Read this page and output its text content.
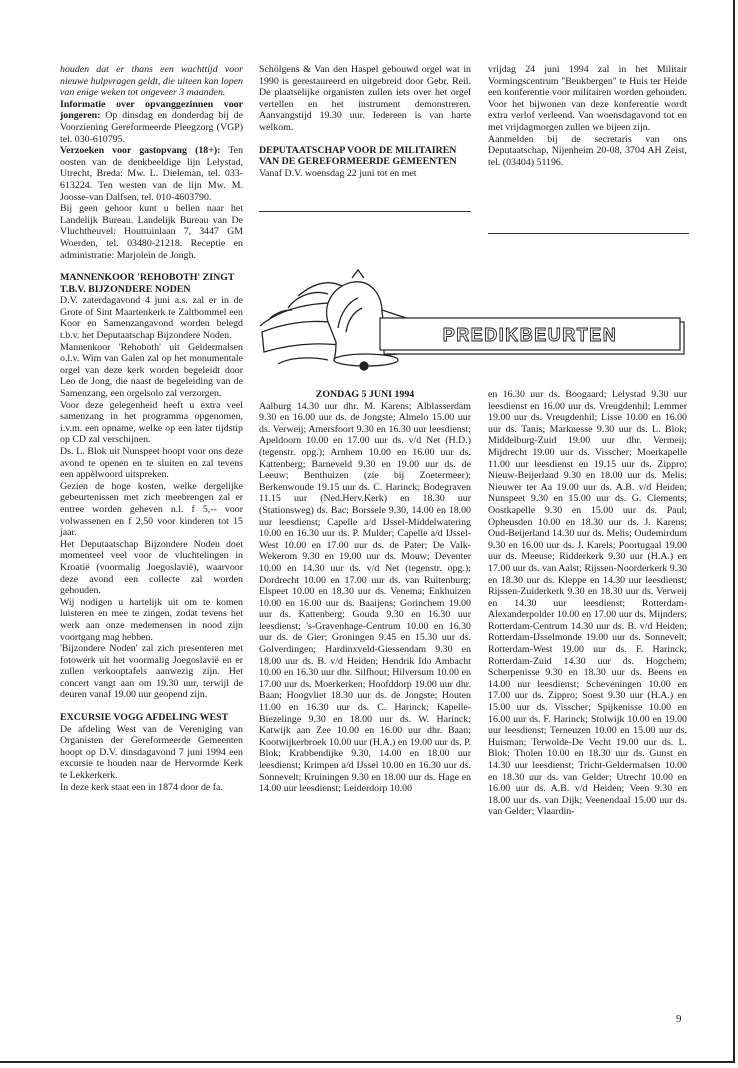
houden dat er thans een wachttijd voor nieuwe hulpvragen geldt, die uiteen kan lopen van enige weken tot ongeveer 3 maanden.

Informatie over opvanggezinnen voor jongeren: Op dinsdag en donderdag bij de Voorziening Gereformeerde Pleegzorg (VGP) tel. 030-610795.

Verzoeken voor gastopvang (18+): Ten oosten van de denkbeeldige lijn Lelystad, Utrecht, Breda: Mw. L. Dieleman, tel. 033-613224. Ten westen van de lijn Mw. M. Joosse-van Dalfsen, tel. 010-4603790.

Bij geen gehoor kunt u bellen naar het Landelijk Bureau. Landelijk Bureau van De Vluchtheuvel: Houttuinlaan 7, 3447 GM Woerden, tel. 03480-21218. Receptie en administratie: Marjolein de Jongh.

MANNENKOOR 'REHOBOTH' ZINGT T.B.V. BIJZONDERE NODEN

D.V. zaterdagavond 4 juni a.s. zal er in de Grote of Sint Maartenkerk te Zaltbommel een Koor en Samenzangavond worden belegd t.b.v. het Deputaatschap Bijzondere Noden.

Mannenkoor 'Rehoboth' uit Geldermalsen o.l.v. Wim van Galen zal op het monumentale orgel van deze kerk worden begeleidt door Leo de Jong, die naast de begeleiding van de Samenzang, een orgelsolo zal verzorgen.

Voor deze gelegenheid heeft u extra veel samenzang in het programma opgenomen, i.v.m. een opname, welke op een later tijdstip op CD zal verschijnen.

Ds. L. Blok uit Nunspeet hoopt voor ons deze avond te openen en te sluiten en zal tevens een appèlwoord uitspreken.

Gezien de hoge kosten, welke dergelijke gebeurtenissen met zich meebrengen zal er entree worden geheven n.l. f 5,-- voor volwassenen en f 2,50 voor kinderen tot 15 jaar.

Het Deputaatschap Bijzondere Noden doet momenteel veel voor de vluchtelingen in Kroatië (voormalig Joegoslavië), waarvoor deze avond een collecte zal worden gehouden.

Wij nodigen u hartelijk uit om te komen luisteren en mee te zingen, zodat tevens het werk aan onze medemensen in nood zijn voortgang mag hebben.

'Bijzondere Noden' zal zich presenteren met fotowerk uit het voormalig Joegoslavië en er zullen verkooptafels aanwezig zijn. Het concert vangt aan om 19.30 uur, terwijl de deuren vanaf 19.00 uur geopend zijn.

EXCURSIE VOGG AFDELING WEST

De afdeling West van de Vereniging van Organisten der Gereformeerde Gemeenten hoopt op D.V. dinsdagavond 7 juni 1994 een excursie te houden naar de Hervormde Kerk te Lekkerkerk.

In deze kerk staat een in 1874 door de fa.

Schölgens & Van den Haspel gebouwd orgel wat in 1990 is gerestaureerd en uitgebreid door Gebr. Reil. De plaatselijke organisten zullen iets over het orgel vertellen en het instrument demonstreren. Aanvangstijd 19.30 uur. Iedereen is van harte welkom.

DEPUTAATSCHAP VOOR DE MILITAIREN VAN DE GEREFORMEERDE GEMEENTEN

Vanaf D.V. woensdag 22 juni tot en met

vrijdag 24 juni 1994 zal in het Militair Vormingscentrum "Beukbergen" te Huis ter Heide een konferentie voor militairen worden gehouden. Voor het bijwonen van deze konferentie wordt extra verlof verleend. Van woensdagavond tot en met vrijdagmorgen zullen we bijeen zijn.

Aanmelden bij de secretaris van ons Deputaatschap, Nijenheim 20-08, 3704 AH Zeist, tel. (03404) 51196.

PREDIKBEURTEN

ZONDAG 5 JUNI 1994

Aalburg 14.30 uur dhr. M. Karens; Alblasserdam 9.30 en 16.00 uur ds. de Jongste; Almelo 15.00 uur ds. Verweij; Amersfoort 9.30 en 16.30 uur leesdienst; Apeldoorn 10.00 en 17.00 uur ds. v/d Net (H.D.) (tegenstr. opg.); Arnhem 10.00 en 16.00 uur ds. Kattenberg; Barneveld 9.30 en 19.00 uur ds. de Leeuw; Benthuizen (zie bij Zoetermeer); Berkenwoude 19.15 uur ds. C. Harinck; Bodegraven 11.15 uur (Ned.Herv.Kerk) en 18.30 uur (Stationsweg) ds. Bac; Borssele 9.30, 14.00 en 18.00 uur leesdienst; Capelle a/d IJssel-Middelwatering 10.00 en 16.30 uur ds. P. Mulder; Capelle a/d IJssel-West 10.00 en 17.00 uur ds. de Pater; De Valk-Wekerom 9.30 en 19.00 uur ds. Mouw; Deventer 10.00 en 14.30 uur ds. v/d Net (tegenstr. opg.); Dordrecht 10.00 en 17.00 uur ds. van Ruitenburg; Elspeet 10.00 en 18.30 uur ds. Venema; Enkhuizen 10.00 en 16.00 uur ds. Baaijens; Gorinchem 19.00 uur ds. Kattenberg; Gouda 9.30 en 16.30 uur leesdienst; 's-Gravenhage-Centrum 10.00 en 16.30 uur ds. de Gier; Groningen 9.45 en 15.30 uur ds. Golverdingen; Hardinxveld-Giessendam 9.30 en 18.00 uur ds. B. v/d Heiden; Hendrik Ido Ambacht 10.00 en 16.30 uur dhr. Silfhout; Hilversum 10.00 en 17.00 uur ds. Moerkerken; Hoofddorp 19.00 uur dhr. Baan; Hoogvliet 18.30 uur ds. de Jongste; Houten 11.00 en 16.30 uur ds. C. Harinck; Kapelle-Biezelinge 9.30 en 18.00 uur ds. W. Harinck; Katwijk aan Zee 10.00 en 16.00 uur dhr. Baan; Kootwijkerbroek 10.00 uur (H.A.) en 19.00 uur ds. P. Blok; Krabbendijke 9.30, 14.00 en 18.00 uur leesdienst; Krimpen a/d IJssel 10.00 en 16.30 uur ds. Sonnevelt; Kruiningen 9.30 en 18.00 uur ds. Hage en 14.00 uur leesdienst; Leiderdorp 10.00

en 16.30 uur ds. Boogaard; Lelystad 9.30 uur leesdienst en 16.00 uur ds. Vreugdenhil; Lemmer 19.00 uur ds. Vreugdenhil; Lisse 10.00 en 16.00 uur ds. Tanis; Marknesse 9.30 uur ds. L. Blok; Middelburg-Zuid 19.00 uur dhr. Vermeij; Mijdrecht 19.00 uur ds. Visscher; Moerkapelle 11.00 uur leesdienst en 19.15 uur ds. Zippro; Nieuw-Beijerland 9.30 en 18.00 uur ds. Melis; Nieuwer ter Aa 19.00 uur ds. A.B. v/d Heiden; Nunspeet 9.30 en 15.00 uur ds. G. Clements; Oostkapelle 9.30 en 15.00 uur ds. Paul; Opheusden 10.00 en 18.30 uur ds. J. Karens; Oud-Beijerland 14.30 uur ds. Melis; Oudemirdum 9.30 en 16.00 uur ds. J. Karels; Poortugaal 19.00 uur ds. Meeuse; Ridderkerk 9.30 uur (H.A.) en 17.00 uur ds. van Aalst; Rijssen-Noorderkerk 9.30 en 18.30 uur ds. Kleppe en 14.30 uur leesdienst; Rijssen-Zuiderkerk 9.30 en 18.30 uur ds. Verweij en 14.30 uur leesdienst; Rotterdam-Alexanderpolder 10.00 en 17.00 uur ds. Mijnders; Rotterdam-Centrum 14.30 uur ds. B. v/d Heiden; Rotterdam-IJsselmonde 19.00 uur ds. Sonnevelt; Rotterdam-West 19.00 uur ds. F. Harinck; Rotterdam-Zuid 14.30 uur ds. Hogchem; Scherpenisse 9.30 en 18.30 uur ds. Beens en 14.00 uur leesdienst; Scheveningen 10.00 en 17.00 uur ds. Zippro; Soest 9.30 uur (H.A.) en 15.00 uur ds. Visscher; Spijkenisse 10.00 en 16.00 uur ds. F. Harinck; Stolwijk 10.00 en 19.00 uur leesdienst; Terneuzen 10.00 en 15.00 uur ds. Huisman; Terwolde-De Vecht 19.00 uur ds. L. Blok; Tholen 10.00 en 18.30 uur ds. Gunst en 14.30 uur leesdienst; Tricht-Geldermalsen 10.00 en 18.30 uur ds. van Gelder; Utrecht 10.00 en 16.00 uur ds. A.B. v/d Heiden; Veen 9.30 en 18.00 uur ds. van Dijk; Veenendaal 15.00 uur ds. van Gelder; Vlaardin-

9
